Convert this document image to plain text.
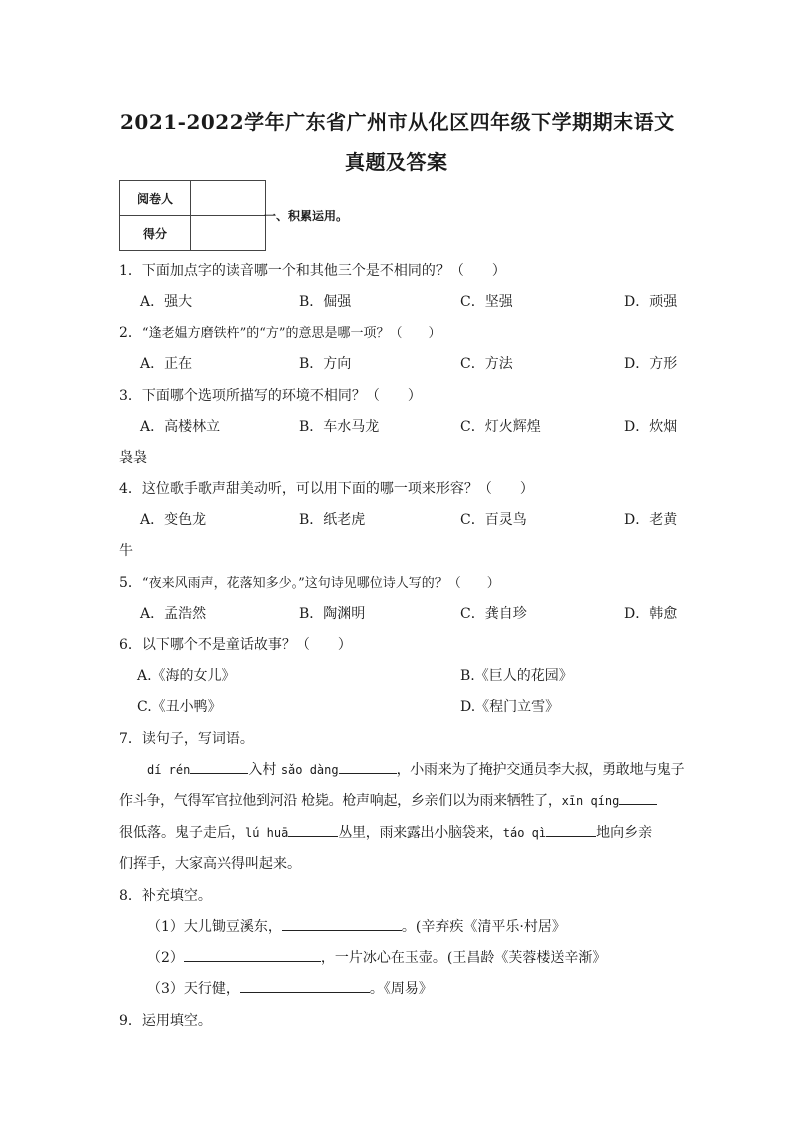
2021-2022学年广东省广州市从化区四年级下学期期末语文
真题及答案
阅卷人	
得分	
一、积累运用。
1．下面加点字的读音哪一个和其他三个是不相同的？（　　）
A．强大	B．倔强	C．坚强	D．顽强
2．“逢老媪方磨铁杵”的“方”的意思是哪一项？（　　）
A．正在	B．方向	C．方法	D．方形
3．下面哪个选项所描写的环境不相同？（　　）
A．高楼林立	B．车水马龙	C．灯火辉煌	D．炊烟
袅袅
4．这位歌手歌声甜美动听，可以用下面的哪一项来形容？（　　）
A．变色龙	B．纸老虎	C．百灵鸟	D．老黄
牛
5．“夜来风雨声，花落知多少。”这句诗见哪位诗人写的？（　　）
A．孟浩然	B．陶渊明	C．龚自珍	D．韩愈
6．以下哪个不是童话故事？（　　）
A.《海的女儿》	B.《巨人的花园》
C.《丑小鸭》	D.《程门立雪》
7．读句子，写词语。
dí rén	入村 sǎo dàng	，小雨来为了掩护交通员李大叔，勇敢地与鬼子
作斗争，气得军官拉他到河沿 枪毙。枪声响起，乡亲们以为雨来牺牲了，xīn qíng
很低落。鬼子走后，lú huā	丛里，雨来露出小脑袋来，táo qì	地向乡亲
们挥手，大家高兴得叫起来。
8．补充填空。
（1）大儿锄豆溪东，	。(辛弃疾《清平乐·村居》
（2）	，一片冰心在玉壶。(王昌龄《芙蓉楼送辛渐》
（3）天行健，	。《周易》
9．运用填空。
